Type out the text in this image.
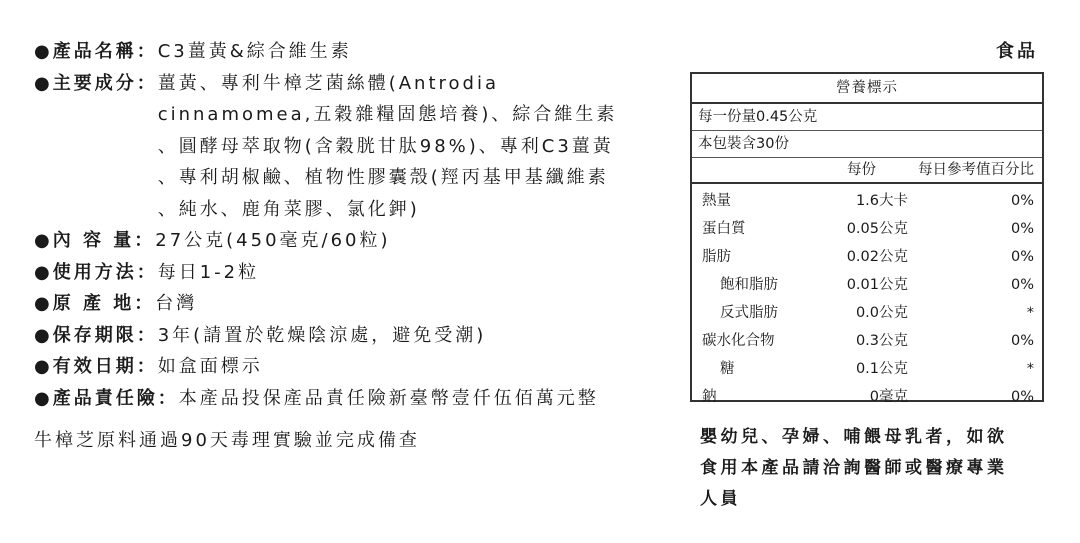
食品
●產品名稱： C3薑黃&綜合維生素
●主要成分： 薑黃、專利牛樟芝菌絲體(Antrodia
cinnamomea,五穀雜糧固態培養)、綜合維生素
、圓酵母萃取物(含穀胱甘肽98%)、專利C3薑黃
、專利胡椒鹼、植物性膠囊殼(羥丙基甲基纖維素
、純水、鹿角菜膠、氯化鉀)
●內 容 量： 27公克(450毫克/60粒)
●使用方法： 每日1-2粒
●原 產 地： 台灣
●保存期限： 3年(請置於乾燥陰涼處，避免受潮)
●有效日期： 如盒面標示
●產品責任險： 本產品投保產品責任險新臺幣壹仟伍佰萬元整
牛樟芝原料通過90天毒理實驗並完成備查
營養標示
每一份量0.45公克
本包裝含30份
每份	每日參考值百分比
熱量	1.6大卡	0%
蛋白質	0.05公克	0%
脂肪	0.02公克	0%
飽和脂肪	0.01公克	0%
反式脂肪	0.0公克	*
碳水化合物	0.3公克	0%
糖	0.1公克	*
鈉	0毫克	0%
嬰幼兒、孕婦、哺餵母乳者，如欲
食用本產品請洽詢醫師或醫療專業
人員
